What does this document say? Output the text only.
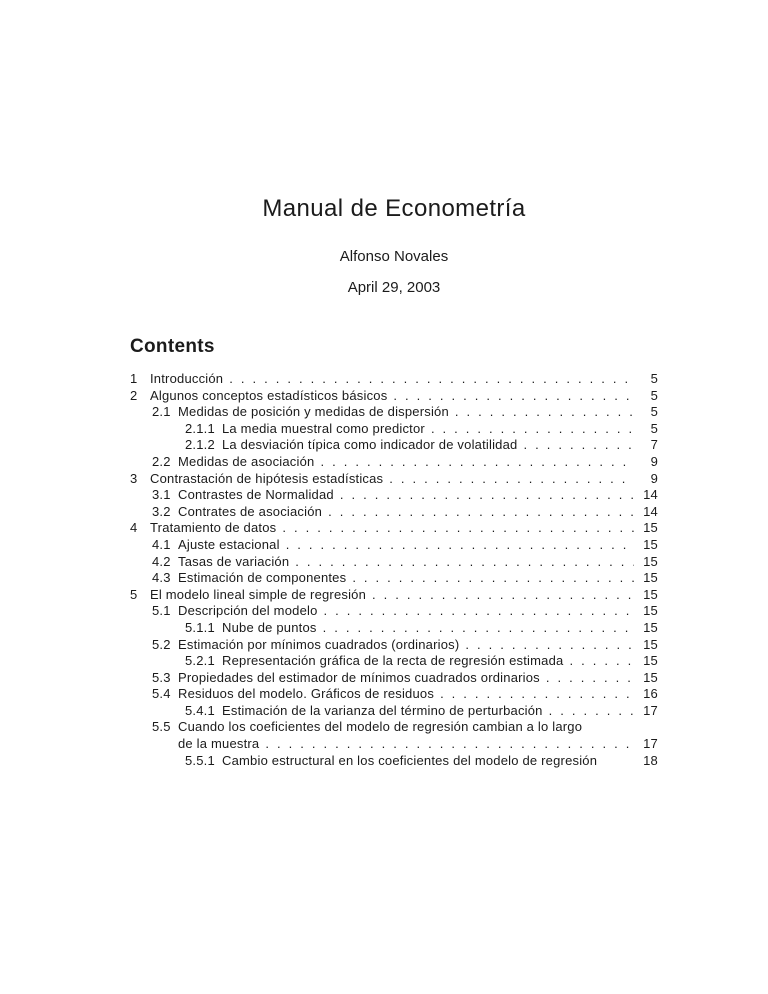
Manual de Econometría
Alfonso Novales
April 29, 2003
Contents
1 Introducción . . .	5
2 Algunos conceptos estadísticos básicos . . .	5
2.1 Medidas de posición y medidas de dispersión . . .	5
2.1.1 La media muestral como predictor . . .	5
2.1.2 La desviación típica como indicador de volatilidad . . .	7
2.2 Medidas de asociación . . .	9
3 Contrastación de hipótesis estadísticas . . .	9
3.1 Contrastes de Normalidad . . .	14
3.2 Contrates de asociación . . .	14
4 Tratamiento de datos . . .	15
4.1 Ajuste estacional . . .	15
4.2 Tasas de variación . . .	15
4.3 Estimación de componentes . . .	15
5 El modelo lineal simple de regresión . . .	15
5.1 Descripción del modelo . . .	15
5.1.1 Nube de puntos . . .	15
5.2 Estimación por mínimos cuadrados (ordinarios) . . .	15
5.2.1 Representación gráfica de la recta de regresión estimada . . .	15
5.3 Propiedades del estimador de mínimos cuadrados ordinarios . . .	15
5.4 Residuos del modelo. Gráficos de residuos . . .	16
5.4.1 Estimación de la varianza del término de perturbación . . .	17
5.5 Cuando los coeficientes del modelo de regresión cambian a lo largo
de la muestra . . .	17
5.5.1 Cambio estructural en los coeficientes del modelo de regresión	18
